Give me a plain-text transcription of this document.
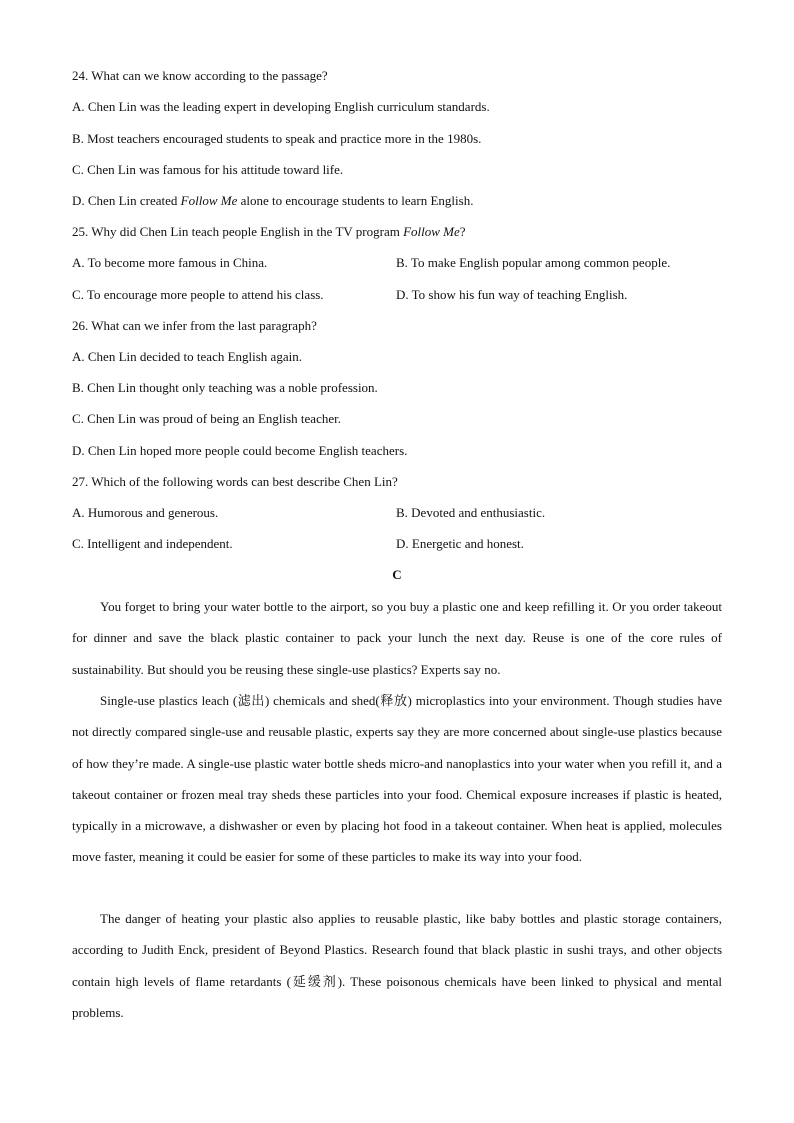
24. What can we know according to the passage?
A. Chen Lin was the leading expert in developing English curriculum standards.
B. Most teachers encouraged students to speak and practice more in the 1980s.
C. Chen Lin was famous for his attitude toward life.
D. Chen Lin created Follow Me alone to encourage students to learn English.
25. Why did Chen Lin teach people English in the TV program Follow Me?
A. To become more famous in China.	B. To make English popular among common people.
C. To encourage more people to attend his class.	D. To show his fun way of teaching English.
26. What can we infer from the last paragraph?
A. Chen Lin decided to teach English again.
B. Chen Lin thought only teaching was a noble profession.
C. Chen Lin was proud of being an English teacher.
D. Chen Lin hoped more people could become English teachers.
27. Which of the following words can best describe Chen Lin?
A. Humorous and generous.	B. Devoted and enthusiastic.
C. Intelligent and independent.	D. Energetic and honest.
C

You forget to bring your water bottle to the airport, so you buy a plastic one and keep refilling it. Or you order takeout for dinner and save the black plastic container to pack your lunch the next day. Reuse is one of the core rules of sustainability. But should you be reusing these single-use plastics? Experts say no.

Single-use plastics leach (滤出) chemicals and shed(释放) microplastics into your environment. Though studies have not directly compared single-use and reusable plastic, experts say they are more concerned about single-use plastics because of how they’re made. A single-use plastic water bottle sheds micro-and nanoplastics into your water when you refill it, and a takeout container or frozen meal tray sheds these particles into your food. Chemical exposure increases if plastic is heated, typically in a microwave, a dishwasher or even by placing hot food in a takeout container. When heat is applied, molecules move faster, meaning it could be easier for some of these particles to make its way into your food.

The danger of heating your plastic also applies to reusable plastic, like baby bottles and plastic storage containers, according to Judith Enck, president of Beyond Plastics. Research found that black plastic in sushi trays, and other objects contain high levels of flame retardants (延缓剂). These poisonous chemicals have been linked to physical and mental problems.
